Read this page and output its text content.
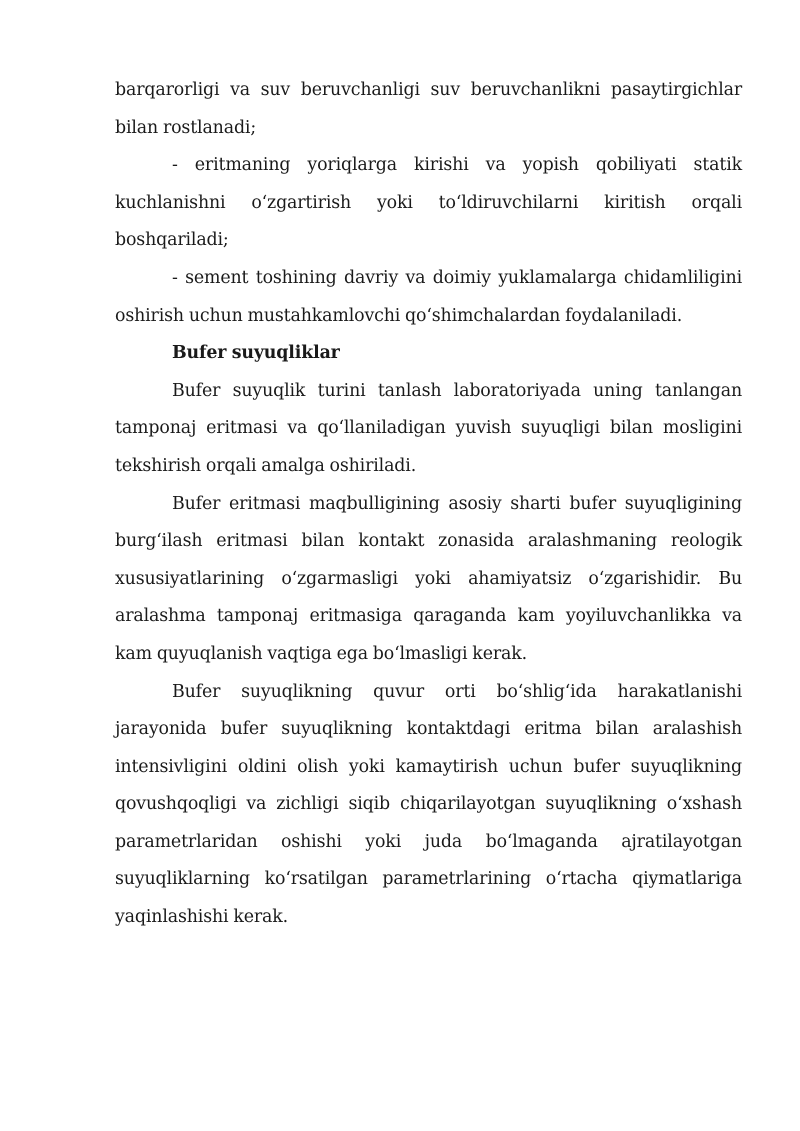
barqarorligi va suv beruvchanligi suv beruvchanlikni pasaytirgichlar bilan rostlanadi;

- eritmaning yoriqlarga kirishi va yopish qobiliyati statik kuchlanishni oʻzgartirish yoki toʻldiruvchilarni kiritish orqali boshqariladi;

- sement toshining davriy va doimiy yuklamalarga chidamliligini oshirish uchun mustahkamlovchi qoʻshimchalardan foydalaniladi.

Bufer suyuqliklar

Bufer suyuqlik turini tanlash laboratoriyada uning tanlangan tamponaj eritmasi va qoʻllaniladigan yuvish suyuqligi bilan mosligini tekshirish orqali amalga oshiriladi.

Bufer eritmasi maqbulligining asosiy sharti bufer suyuqligining burgʻilash eritmasi bilan kontakt zonasida aralashmaning reologik xususiyatlarining oʻzgarmasligi yoki ahamiyatsiz oʻzgarishidir. Bu aralashma tamponaj eritmasiga qaraganda kam yoyiluvchanlikka va kam quyuqlanish vaqtiga ega boʻlmasligi kerak.

Bufer suyuqlikning quvur orti boʻshligʻida harakatlanishi jarayonida bufer suyuqlikning kontaktdagi eritma bilan aralashish intensivligini oldini olish yoki kamaytirish uchun bufer suyuqlikning qovushqoqligi va zichligi siqib chiqarilayotgan suyuqlikning oʻxshash parametrlaridan oshishi yoki juda boʻlmaganda ajratilayotgan suyuqliklarning koʻrsatilgan parametrlarining oʻrtacha qiymatlariga yaqinlashishi kerak.
